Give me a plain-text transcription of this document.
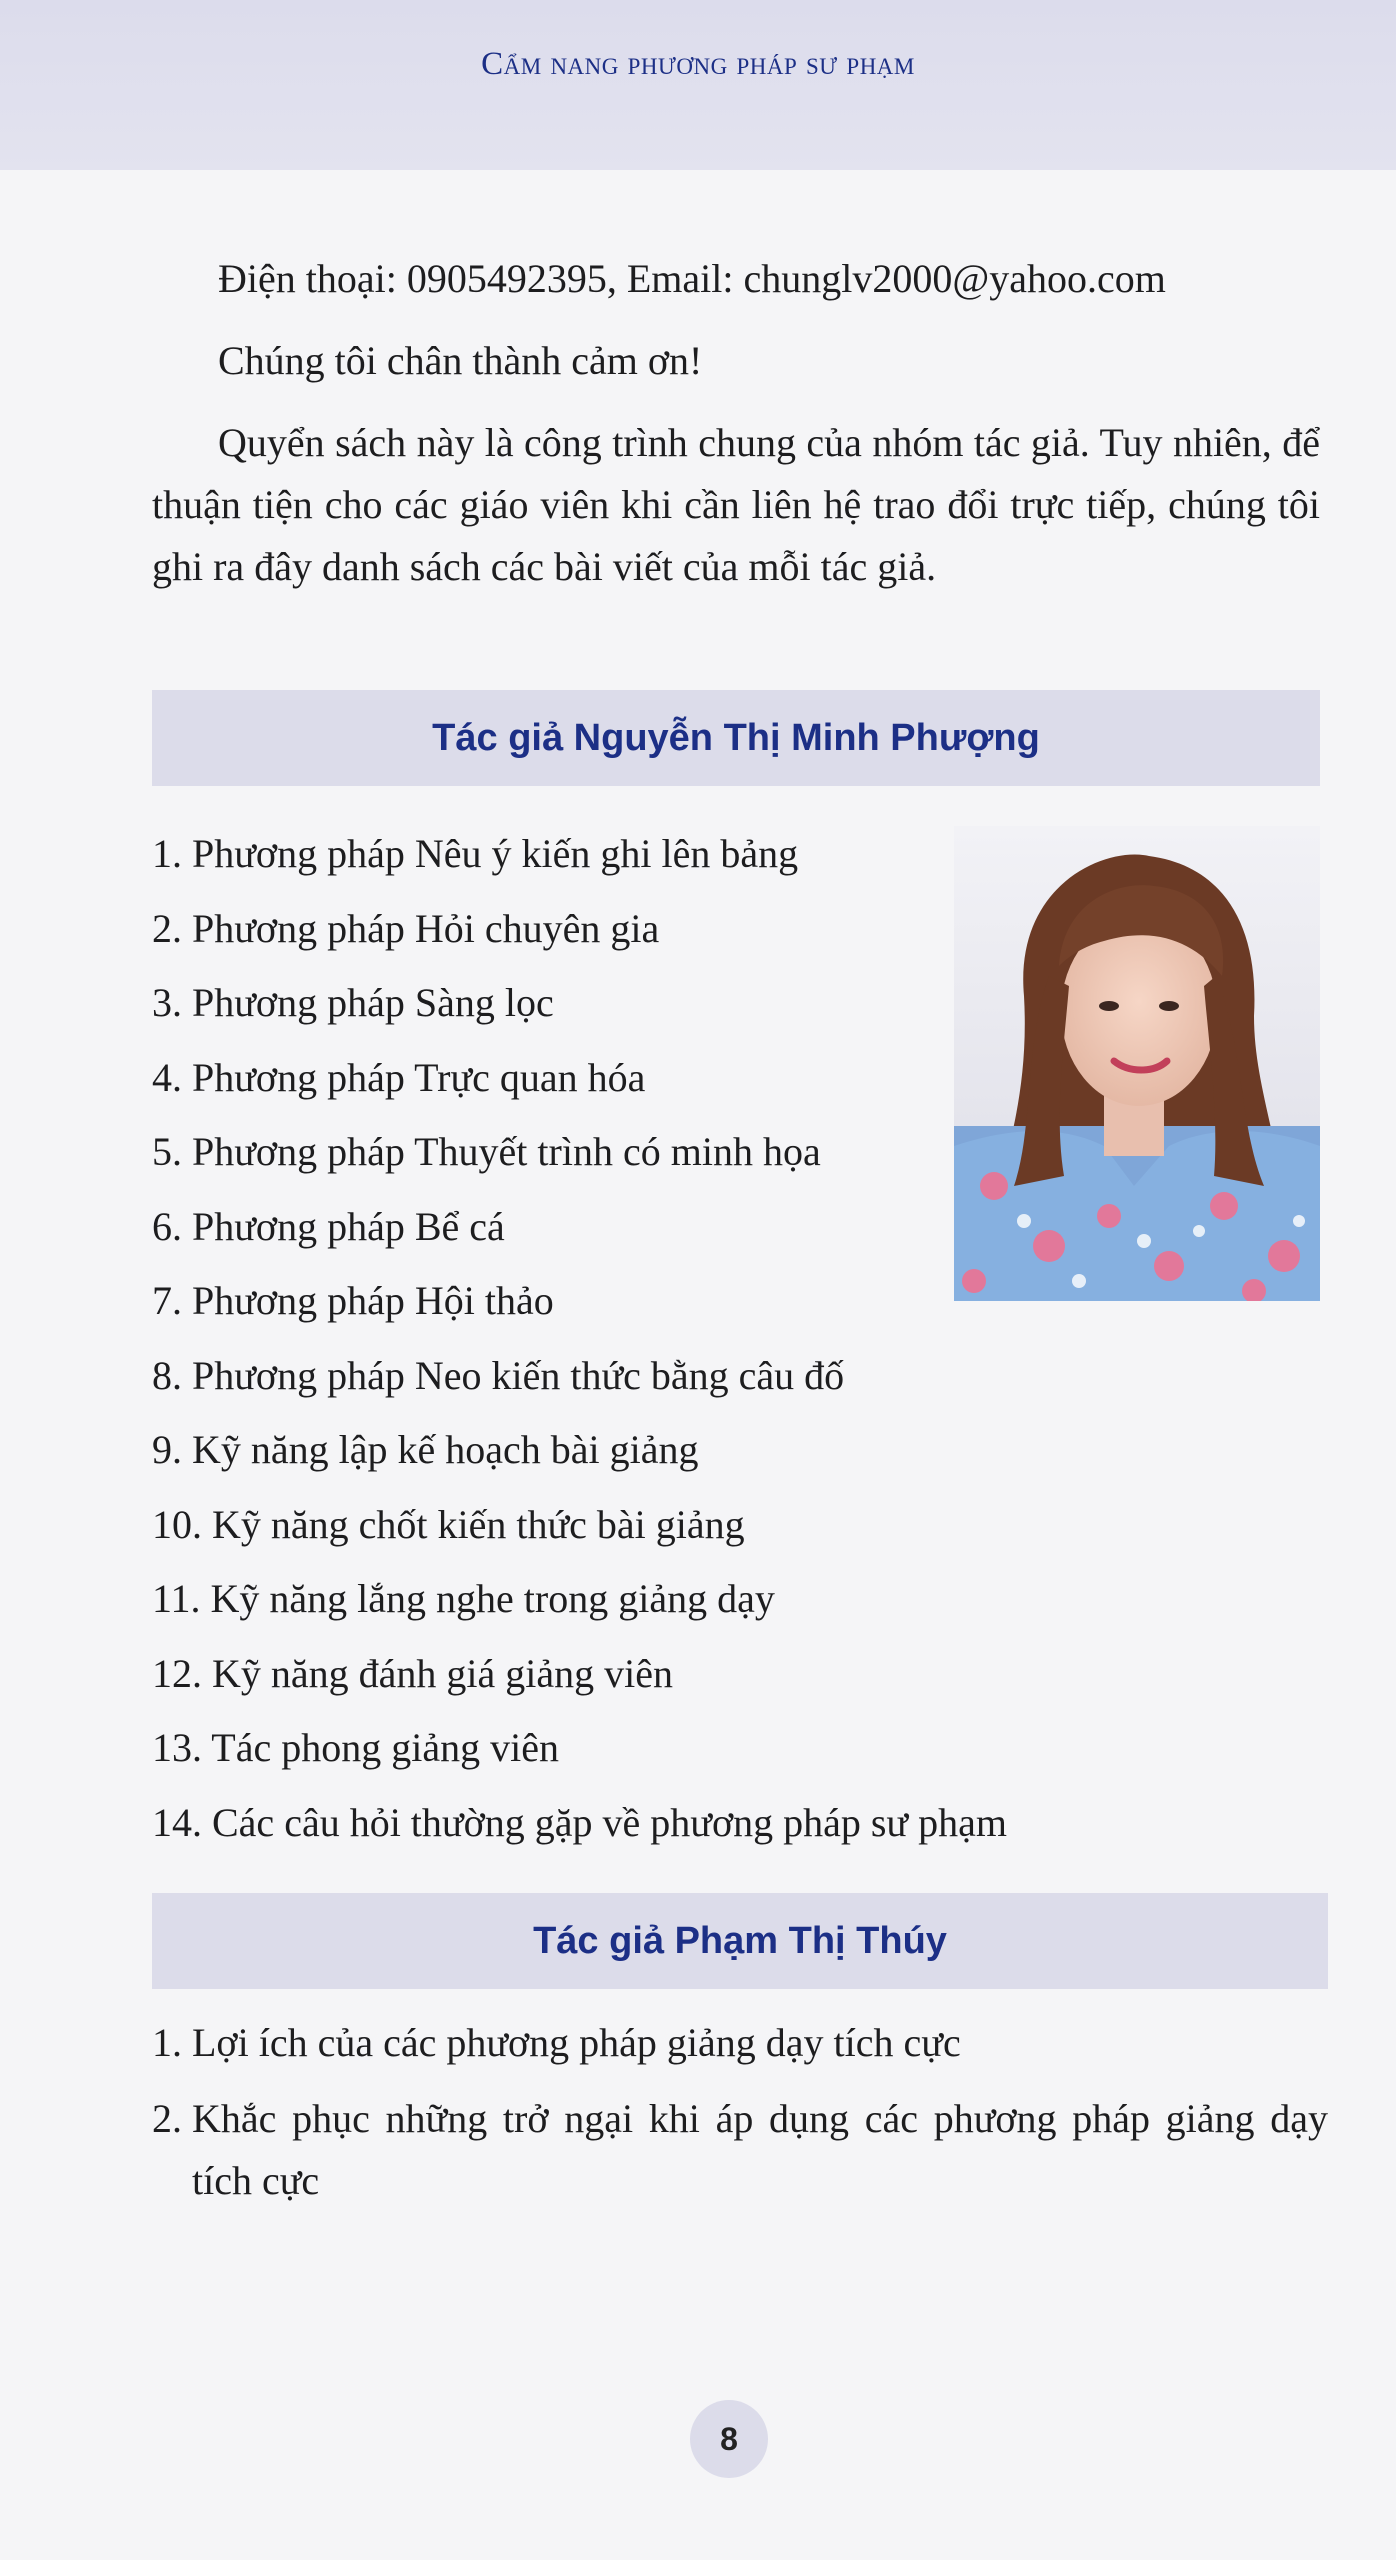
Cẩm nang phương pháp sư phạm
Điện thoại: 0905492395, Email: chunglv2000@yahoo.com
Chúng tôi chân thành cảm ơn!
Quyển sách này là công trình chung của nhóm tác giả. Tuy nhiên, để thuận tiện cho các giáo viên khi cần liên hệ trao đổi trực tiếp, chúng tôi ghi ra đây danh sách các bài viết của mỗi tác giả.
Tác giả Nguyễn Thị Minh Phượng
1. Phương pháp Nêu ý kiến ghi lên bảng
2. Phương pháp Hỏi chuyên gia
3. Phương pháp Sàng lọc
4. Phương pháp Trực quan hóa
5. Phương pháp Thuyết trình có minh họa
6. Phương pháp Bể cá
7. Phương pháp Hội thảo
8. Phương pháp Neo kiến thức bằng câu đố
9. Kỹ năng lập kế hoạch bài giảng
10. Kỹ năng chốt kiến thức bài giảng
11. Kỹ năng lắng nghe trong giảng dạy
12. Kỹ năng đánh giá giảng viên
13. Tác phong giảng viên
14. Các câu hỏi thường gặp về phương pháp sư phạm
Tác giả Phạm Thị Thúy
1. Lợi ích của các phương pháp giảng dạy tích cực
2. Khắc phục những trở ngại khi áp dụng các phương pháp giảng dạy tích cực
8
